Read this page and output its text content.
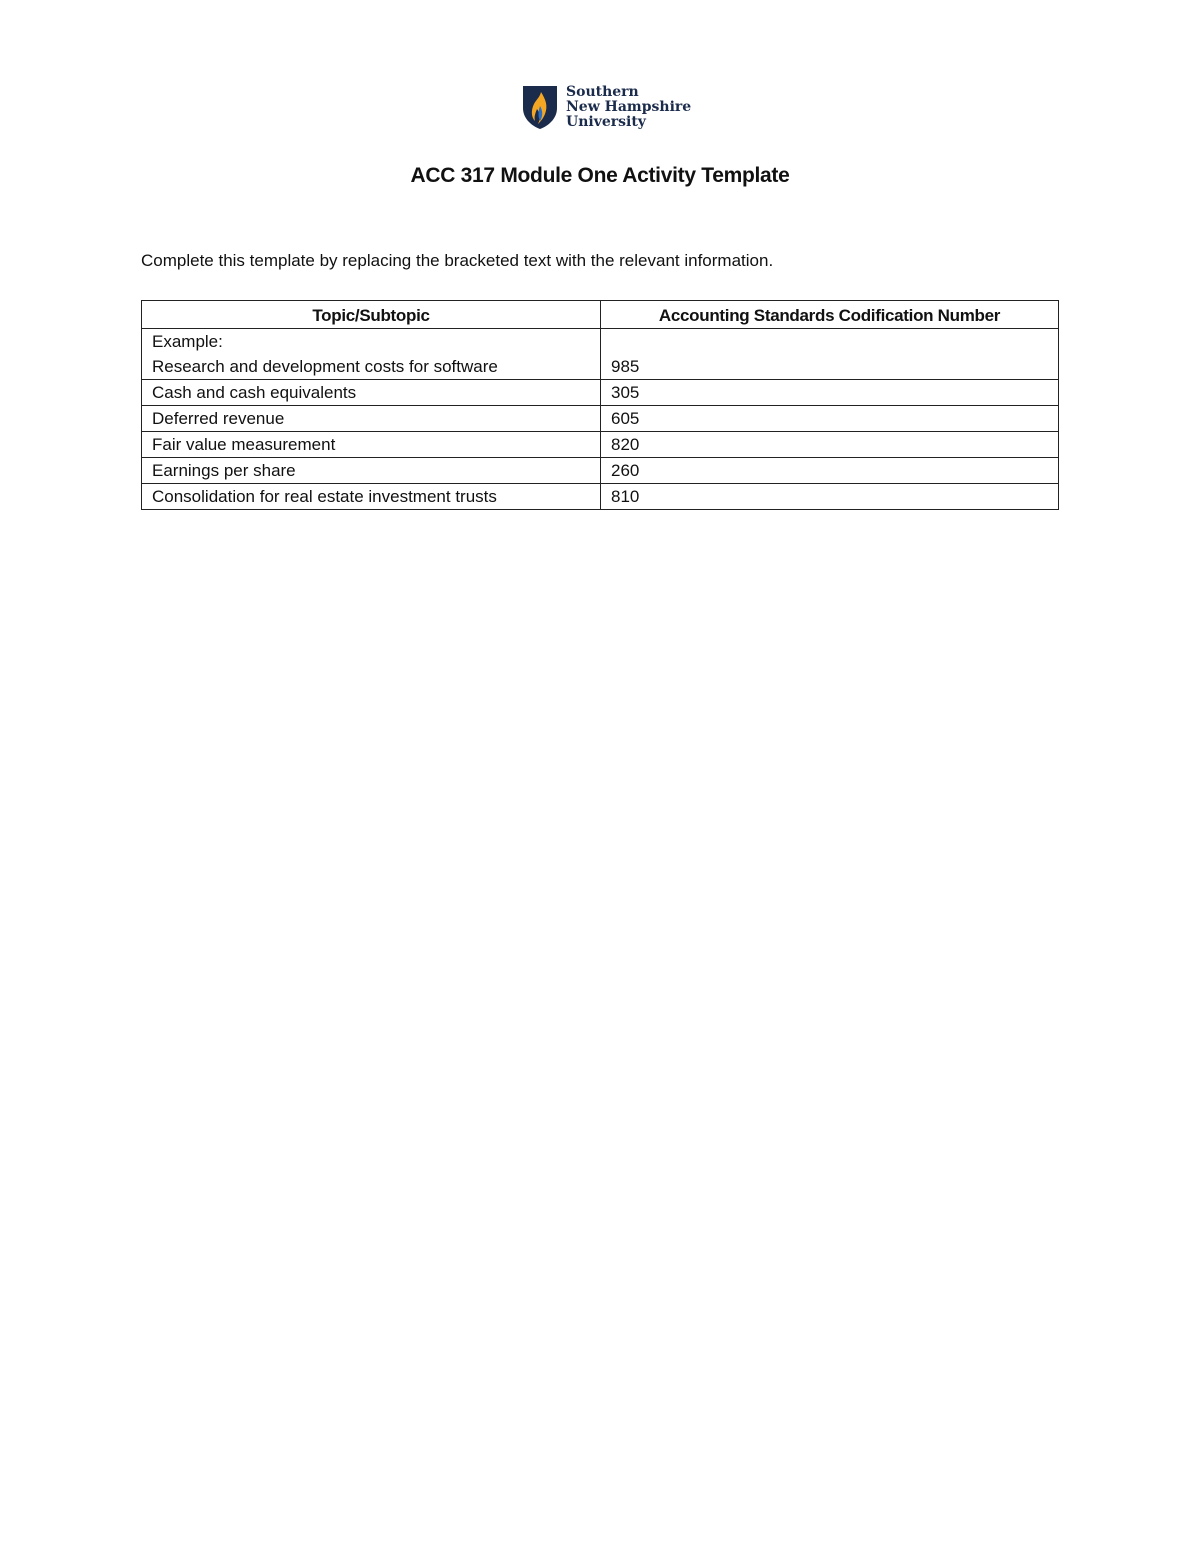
Southern
New Hampshire
University
ACC 317 Module One Activity Template

Complete this template by replacing the bracketed text with the relevant information.

Topic/Subtopic	Accounting Standards Codification Number

Example:
Research and development costs for software	985
Cash and cash equivalents	305
Deferred revenue	605
Fair value measurement	820
Earnings per share	260
Consolidation for real estate investment trusts	810
